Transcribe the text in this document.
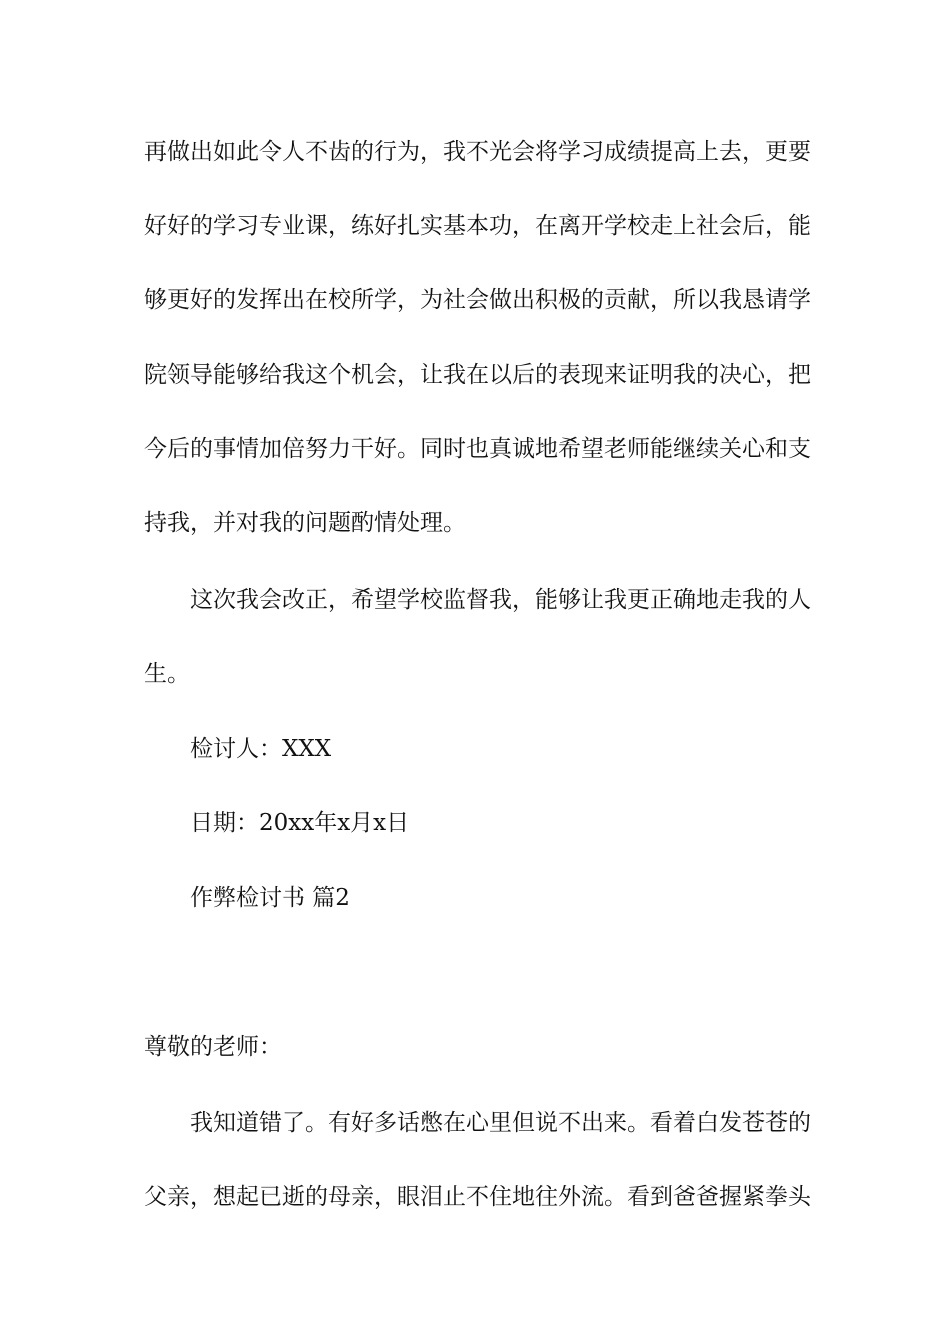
再做出如此令人不齿的行为，我不光会将学习成绩提高上去，更要

好好的学习专业课，练好扎实基本功，在离开学校走上社会后，能

够更好的发挥出在校所学，为社会做出积极的贡献，所以我恳请学

院领导能够给我这个机会，让我在以后的表现来证明我的决心，把

今后的事情加倍努力干好。同时也真诚地希望老师能继续关心和支

持我，并对我的问题酌情处理。

这次我会改正，希望学校监督我，能够让我更正确地走我的人

生。

检讨人：XXX

日期：20xx年x月x日

作弊检讨书 篇2

尊敬的老师：

我知道错了。有好多话憋在心里但说不出来。看着白发苍苍的

父亲，想起已逝的母亲，眼泪止不住地往外流。看到爸爸握紧拳头
